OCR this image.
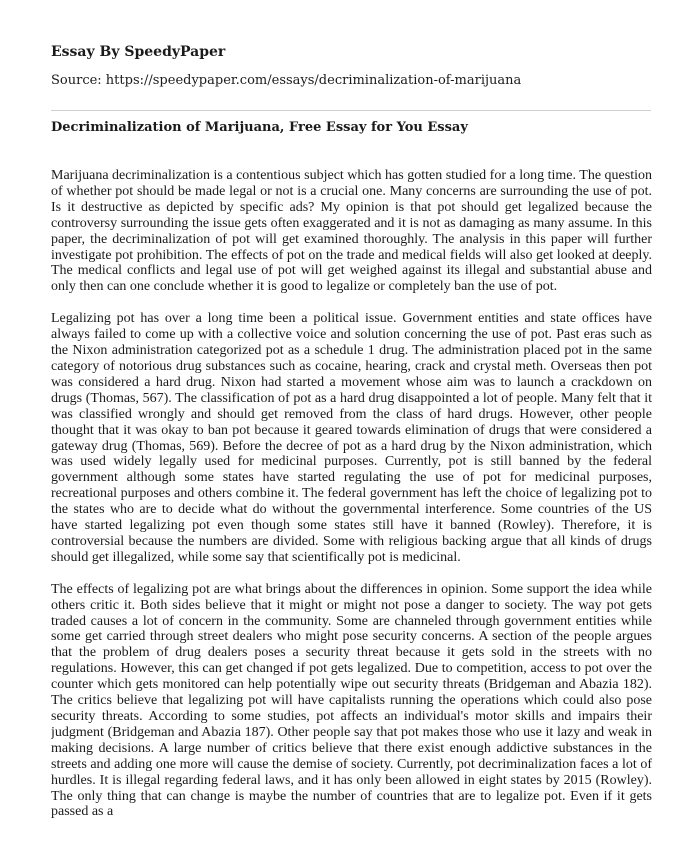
Essay By SpeedyPaper
Source: https://speedypaper.com/essays/decriminalization-of-marijuana
Decriminalization of Marijuana, Free Essay for You Essay

Marijuana decriminalization is a contentious subject which has gotten studied for a long time. The question of whether pot should be made legal or not is a crucial one. Many concerns are surrounding the use of pot. Is it destructive as depicted by specific ads? My opinion is that pot should get legalized because the controversy surrounding the issue gets often exaggerated and it is not as damaging as many assume. In this paper, the decriminalization of pot will get examined thoroughly. The analysis in this paper will further investigate pot prohibition. The effects of pot on the trade and medical fields will also get looked at deeply. The medical conflicts and legal use of pot will get weighed against its illegal and substantial abuse and only then can one conclude whether it is good to legalize or completely ban the use of pot.

Legalizing pot has over a long time been a political issue. Government entities and state offices have always failed to come up with a collective voice and solution concerning the use of pot. Past eras such as the Nixon administration categorized pot as a schedule 1 drug. The administration placed pot in the same category of notorious drug substances such as cocaine, hearing, crack and crystal meth. Overseas then pot was considered a hard drug. Nixon had started a movement whose aim was to launch a crackdown on drugs (Thomas, 567). The classification of pot as a hard drug disappointed a lot of people. Many felt that it was classified wrongly and should get removed from the class of hard drugs. However, other people thought that it was okay to ban pot because it geared towards elimination of drugs that were considered a gateway drug (Thomas, 569). Before the decree of pot as a hard drug by the Nixon administration, which was used widely legally used for medicinal purposes. Currently, pot is still banned by the federal government although some states have started regulating the use of pot for medicinal purposes, recreational purposes and others combine it. The federal government has left the choice of legalizing pot to the states who are to decide what do without the governmental interference. Some countries of the US have started legalizing pot even though some states still have it banned (Rowley). Therefore, it is controversial because the numbers are divided. Some with religious backing argue that all kinds of drugs should get illegalized, while some say that scientifically pot is medicinal.

The effects of legalizing pot are what brings about the differences in opinion. Some support the idea while others critic it. Both sides believe that it might or might not pose a danger to society. The way pot gets traded causes a lot of concern in the community. Some are channeled through government entities while some get carried through street dealers who might pose security concerns. A section of the people argues that the problem of drug dealers poses a security threat because it gets sold in the streets with no regulations. However, this can get changed if pot gets legalized. Due to competition, access to pot over the counter which gets monitored can help potentially wipe out security threats (Bridgeman and Abazia 182). The critics believe that legalizing pot will have capitalists running the operations which could also pose security threats. According to some studies, pot affects an individual's motor skills and impairs their judgment (Bridgeman and Abazia 187). Other people say that pot makes those who use it lazy and weak in making decisions. A large number of critics believe that there exist enough addictive substances in the streets and adding one more will cause the demise of society. Currently, pot decriminalization faces a lot of hurdles. It is illegal regarding federal laws, and it has only been allowed in eight states by 2015 (Rowley). The only thing that can change is maybe the number of countries that are to legalize pot. Even if it gets passed as a
